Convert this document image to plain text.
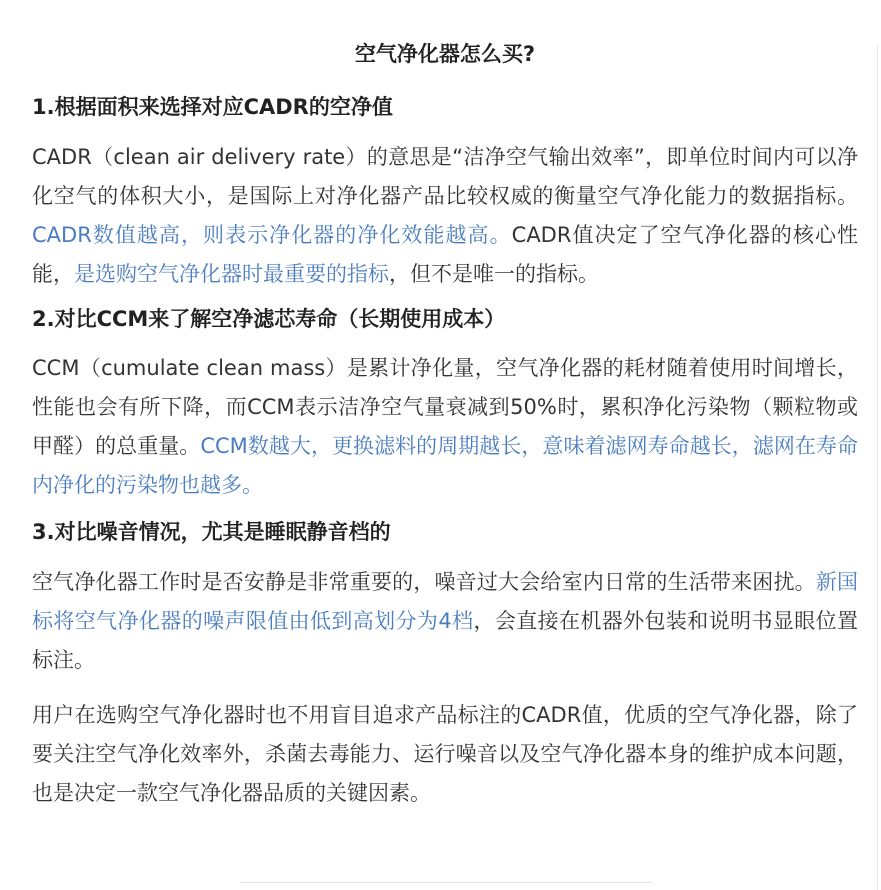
空气净化器怎么买?
1.根据面积来选择对应CADR的空净值

CADR（clean air delivery rate）的意思是“洁净空气输出效率”，即单位时间内可以净化空气的体积大小，是国际上对净化器产品比较权威的衡量空气净化能力的数据指标。CADR数值越高，则表示净化器的净化效能越高。CADR值决定了空气净化器的核心性能，是选购空气净化器时最重要的指标，但不是唯一的指标。

2.对比CCM来了解空净滤芯寿命（长期使用成本）

CCM（cumulate clean mass）是累计净化量，空气净化器的耗材随着使用时间增长，性能也会有所下降，而CCM表示洁净空气量衰减到50%时，累积净化污染物（颗粒物或甲醛）的总重量。CCM数越大，更换滤料的周期越长，意味着滤网寿命越长，滤网在寿命内净化的污染物也越多。

3.对比噪音情况，尤其是睡眠静音档的

空气净化器工作时是否安静是非常重要的，噪音过大会给室内日常的生活带来困扰。新国标将空气净化器的噪声限值由低到高划分为4档，会直接在机器外包装和说明书显眼位置标注。

用户在选购空气净化器时也不用盲目追求产品标注的CADR值，优质的空气净化器，除了要关注空气净化效率外，杀菌去毒能力、运行噪音以及空气净化器本身的维护成本问题，也是决定一款空气净化器品质的关键因素。
